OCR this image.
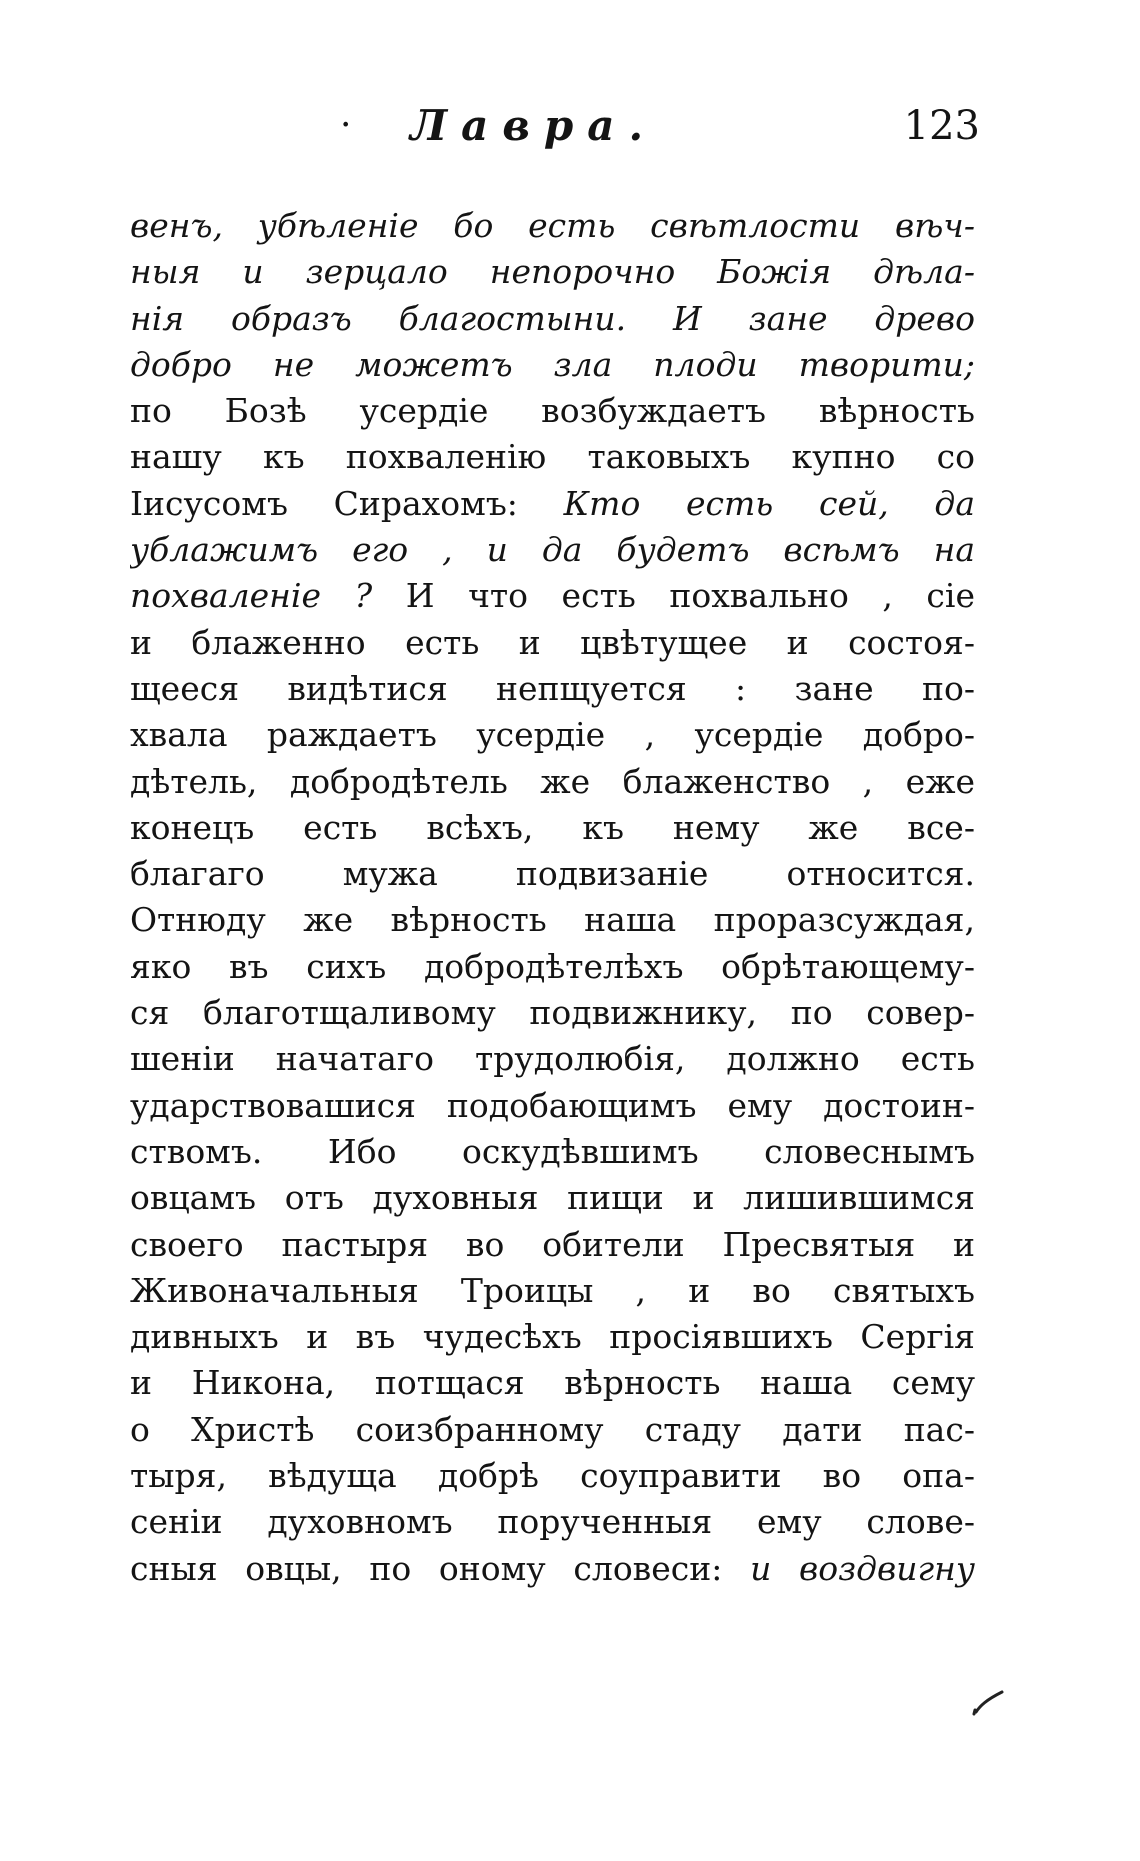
· Лавра.	123
венъ, убѣленіе бо есть свѣтлости вѣч-
ныя и зерцало непорочно Божія дѣла-
нія образъ благостыни. И зане древо
добро не можетъ зла плоди творити;
по Бозѣ усердіе возбуждаетъ вѣрность
нашу къ похваленію таковыхъ купно со
Іисусомъ Сирахомъ: Кто есть сей, да
ублажимъ его , и да будетъ всѣмъ на
похваленіе ? И что есть похвально , сіе
и блаженно есть и цвѣтущее и состоя-
щееся видѣтися непщуется : зане по-
хвала раждаетъ усердіе , усердіе добро-
дѣтель, добродѣтель же блаженство , еже
конецъ есть всѣхъ, къ нему же все-
благаго мужа подвизаніе относится.
Отнюду же вѣрность наша проразсуждая,
яко въ сихъ добродѣтелѣхъ обрѣтающему-
ся благотщаливому подвижнику, по совер-
шеніи начатаго трудолюбія, должно есть
ударствовашися подобающимъ ему достоин-
ствомъ. Ибо оскудѣвшимъ словеснымъ
овцамъ отъ духовныя пищи и лишившимся
своего пастыря во обители Пресвятыя и
Живоначальныя Троицы , и во святыхъ
дивныхъ и въ чудесѣхъ просіявшихъ Сергія
и Никона, потщася вѣрность наша сему
о Христѣ соизбранному стаду дати пас-
тыря, вѣдуща добрѣ соуправити во опа-
сеніи духовномъ порученныя ему слове-
сныя овцы, по оному словеси: и воздвигну
